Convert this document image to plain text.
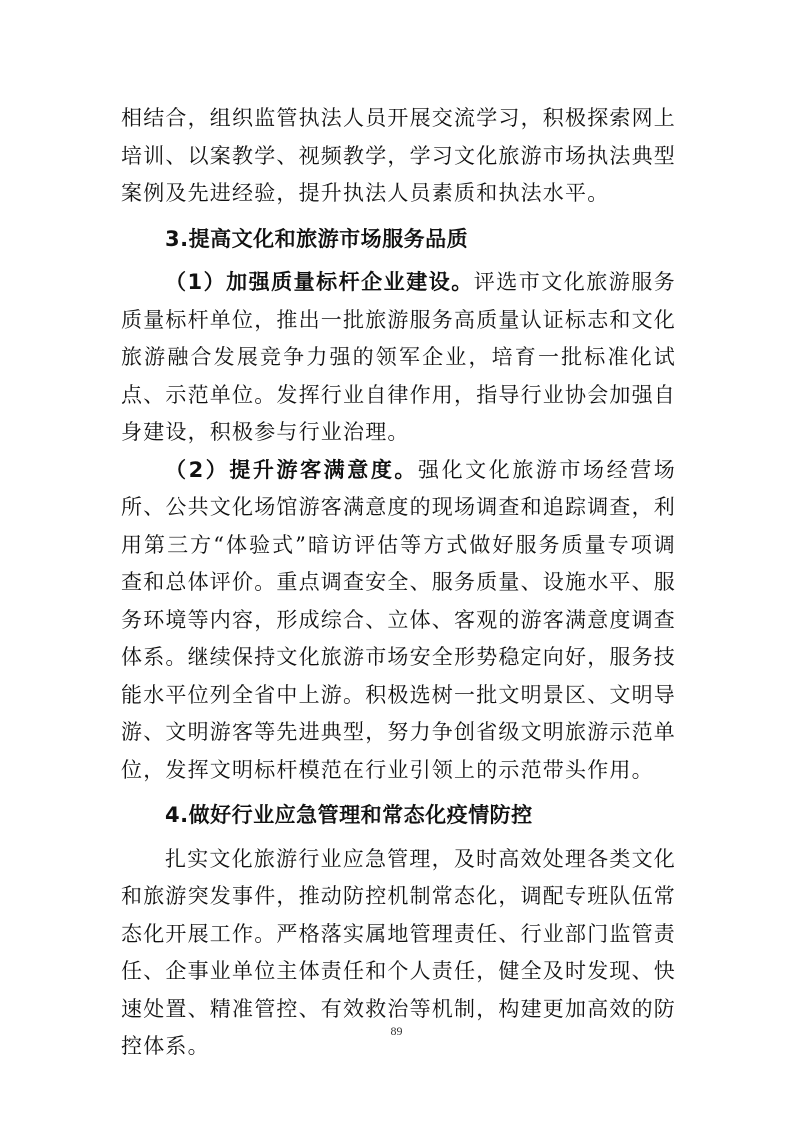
相结合，组织监管执法人员开展交流学习，积极探索网上培训、以案教学、视频教学，学习文化旅游市场执法典型案例及先进经验，提升执法人员素质和执法水平。

3.提高文化和旅游市场服务品质

（1）加强质量标杆企业建设。评选市文化旅游服务质量标杆单位，推出一批旅游服务高质量认证标志和文化旅游融合发展竞争力强的领军企业，培育一批标准化试点、示范单位。发挥行业自律作用，指导行业协会加强自身建设，积极参与行业治理。

（2）提升游客满意度。强化文化旅游市场经营场所、公共文化场馆游客满意度的现场调查和追踪调查，利用第三方“体验式”暗访评估等方式做好服务质量专项调查和总体评价。重点调查安全、服务质量、设施水平、服务环境等内容，形成综合、立体、客观的游客满意度调查体系。继续保持文化旅游市场安全形势稳定向好，服务技能水平位列全省中上游。积极选树一批文明景区、文明导游、文明游客等先进典型，努力争创省级文明旅游示范单位，发挥文明标杆模范在行业引领上的示范带头作用。

4.做好行业应急管理和常态化疫情防控

扎实文化旅游行业应急管理，及时高效处理各类文化和旅游突发事件，推动防控机制常态化，调配专班队伍常态化开展工作。严格落实属地管理责任、行业部门监管责任、企事业单位主体责任和个人责任，健全及时发现、快速处置、精准管控、有效救治等机制，构建更加高效的防控体系。

89
